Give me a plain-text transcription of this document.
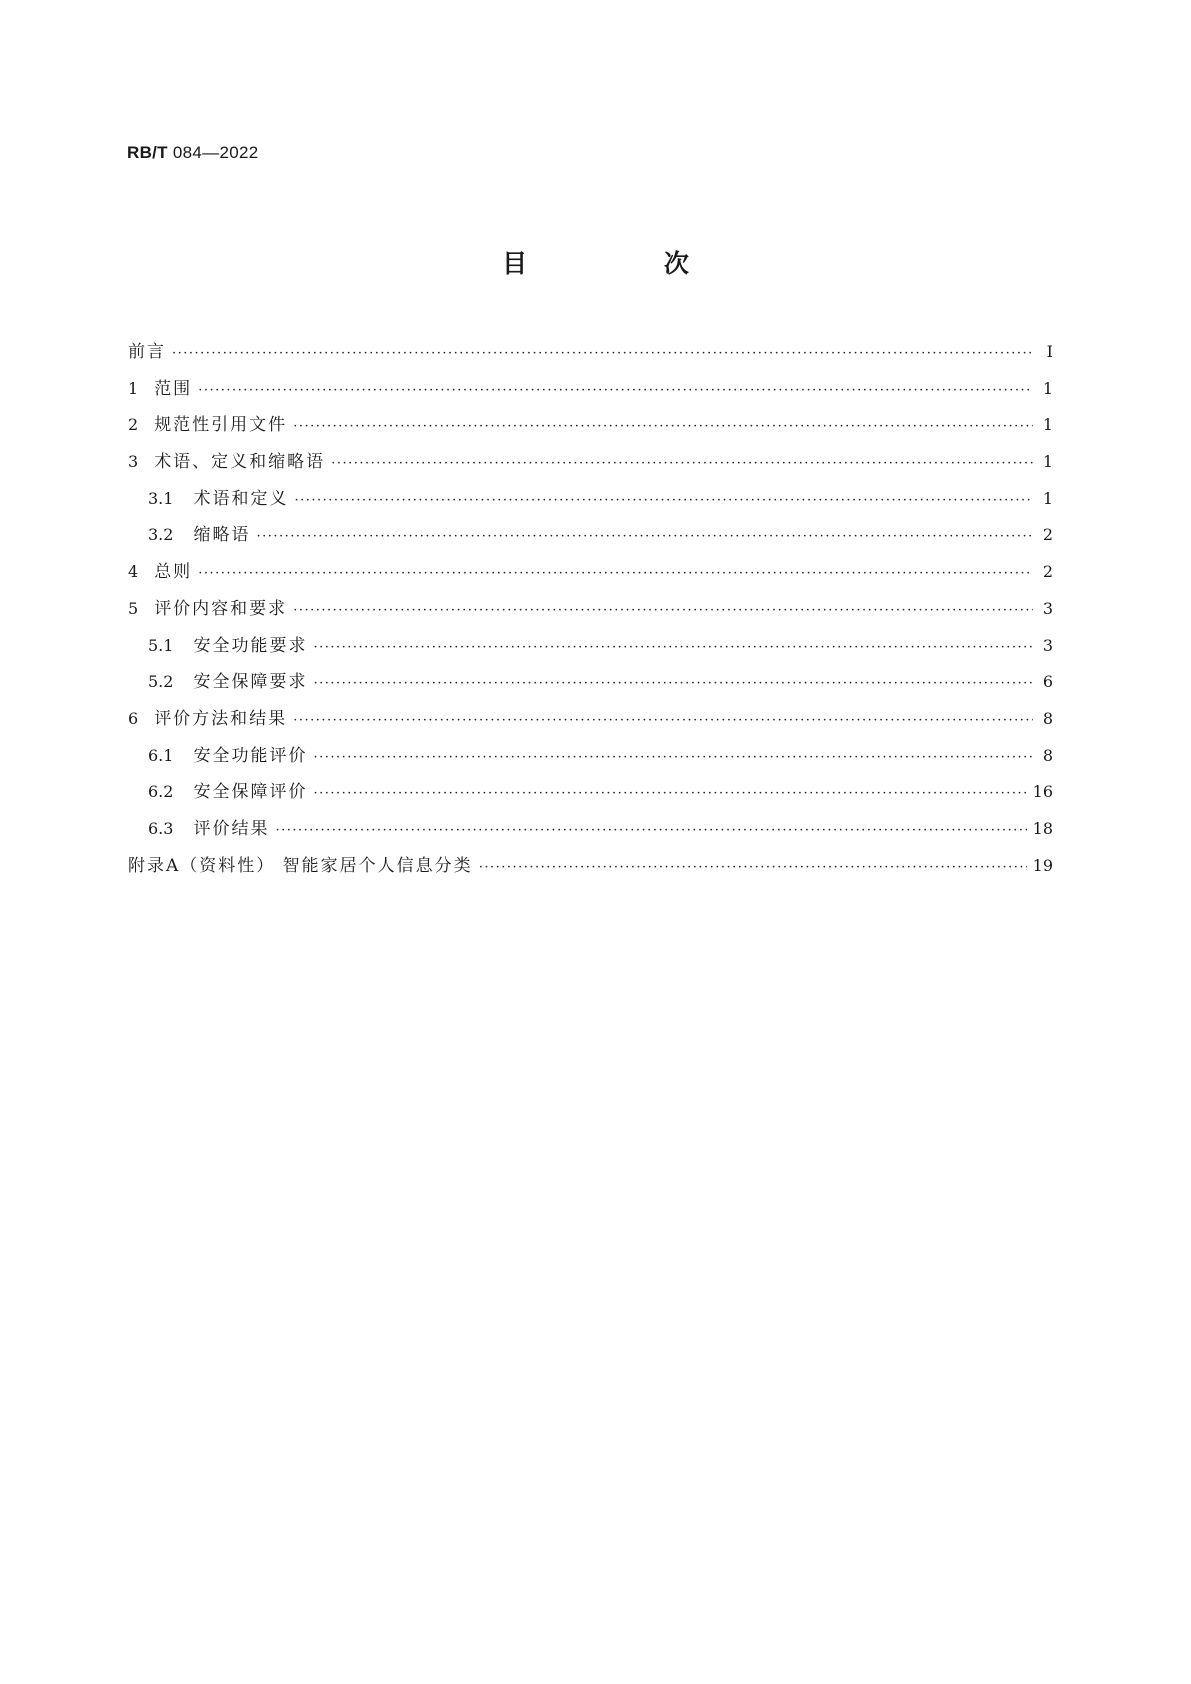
RB/T 084—2022
目 次
前言 ·····	Ⅰ
1 范围 ·····	1
2 规范性引用文件 ·····	1
3 术语、定义和缩略语 ·····	1
3.1 术语和定义 ·····	1
3.2 缩略语 ·····	2
4 总则 ·····	2
5 评价内容和要求 ·····	3
5.1 安全功能要求 ·····	3
5.2 安全保障要求 ·····	6
6 评价方法和结果 ·····	8
6.1 安全功能评价 ·····	8
6.2 安全保障评价 ·····	16
6.3 评价结果 ·····	18
附录A（资料性） 智能家居个人信息分类 ·····	19
